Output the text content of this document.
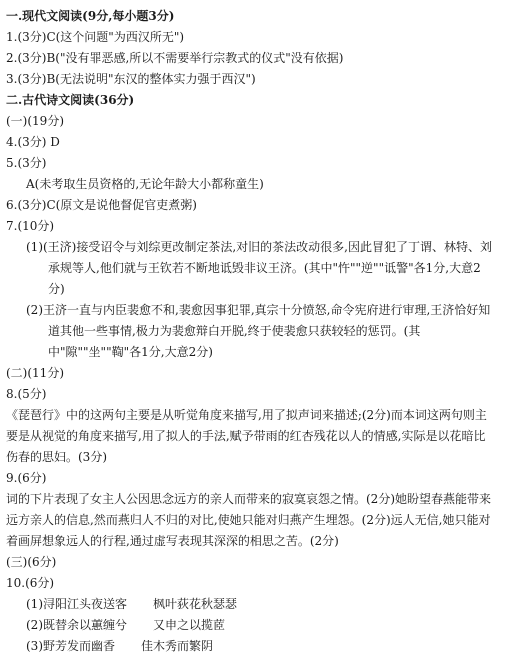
一.现代文阅读(9分,每小题3分)
1.(3分)C(这个问题"为西汉所无")
2.(3分)B("没有罪恶感,所以不需要举行宗教式的仪式"没有依据)
3.(3分)B(无法说明"东汉的整体实力强于西汉")
二.古代诗文阅读(36分)
(一)(19分)
4.(3分) D
5.(3分)
A(未考取生员资格的,无论年龄大小都称童生)
6.(3分)C(原文是说他督促官吏煮粥)
7.(10分)
(1)(王济)接受诏令与刘综更改制定茶法,对旧的茶法改动很多,因此冒犯了丁谓、林特、刘承规等人,他们就与王钦若不断地诋毁非议王济。(其中"忤""逆""诋警"各1分,大意2分)
(2)王济一直与内臣裴愈不和,裴愈因事犯罪,真宗十分愤怒,命令宪府进行审理,王济恰好知道其他一些事情,极力为裴愈辩白开脱,终于使裴愈只获较轻的惩罚。(其中"隙""坐""鞫"各1分,大意2分)
(二)(11分)
8.(5分)
《琵琶行》中的这两句主要是从听觉角度来描写,用了拟声词来描述;(2分)而本词这两句则主要是从视觉的角度来描写,用了拟人的手法,赋予带雨的红杏残花以人的情感,实际是以花暗比伤春的思妇。(3分)
9.(6分)
词的下片表现了女主人公因思念远方的亲人而带来的寂寞哀怨之情。(2分)她盼望春燕能带来远方亲人的信息,然而燕归人不归的对比,使她只能对归燕产生埋怨。(2分)远人无信,她只能对着画屏想象远人的行程,通过虚写表现其深深的相思之苦。(2分)
(三)(6分)
10.(6分)
(1)浔阳江头夜送客 枫叶荻花秋瑟瑟
(2)既替余以蕙缠兮 又申之以揽茝
(3)野芳发而幽香 佳木秀而繁阴
